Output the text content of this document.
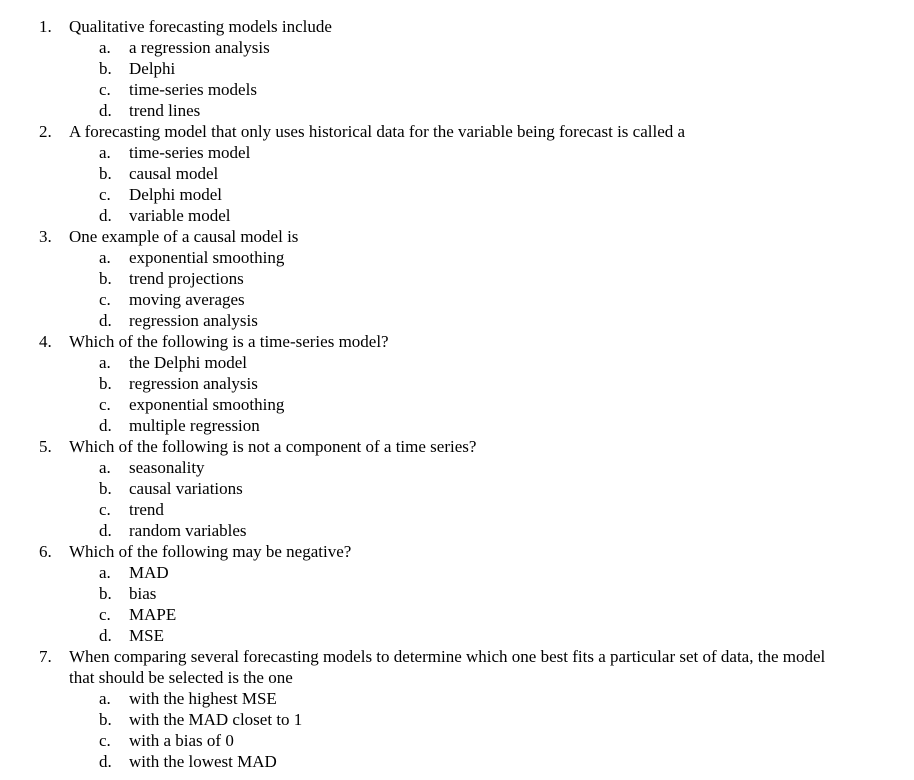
1. Qualitative forecasting models include
a. a regression analysis
b. Delphi
c. time-series models
d. trend lines
2. A forecasting model that only uses historical data for the variable being forecast is called a
a. time-series model
b. causal model
c. Delphi model
d. variable model
3. One example of a causal model is
a. exponential smoothing
b. trend projections
c. moving averages
d. regression analysis
4. Which of the following is a time-series model?
a. the Delphi model
b. regression analysis
c. exponential smoothing
d. multiple regression
5. Which of the following is not a component of a time series?
a. seasonality
b. causal variations
c. trend
d. random variables
6. Which of the following may be negative?
a. MAD
b. bias
c. MAPE
d. MSE
7. When comparing several forecasting models to determine which one best fits a particular set of data, the model
that should be selected is the one
a. with the highest MSE
b. with the MAD closet to 1
c. with a bias of 0
d. with the lowest MAD
